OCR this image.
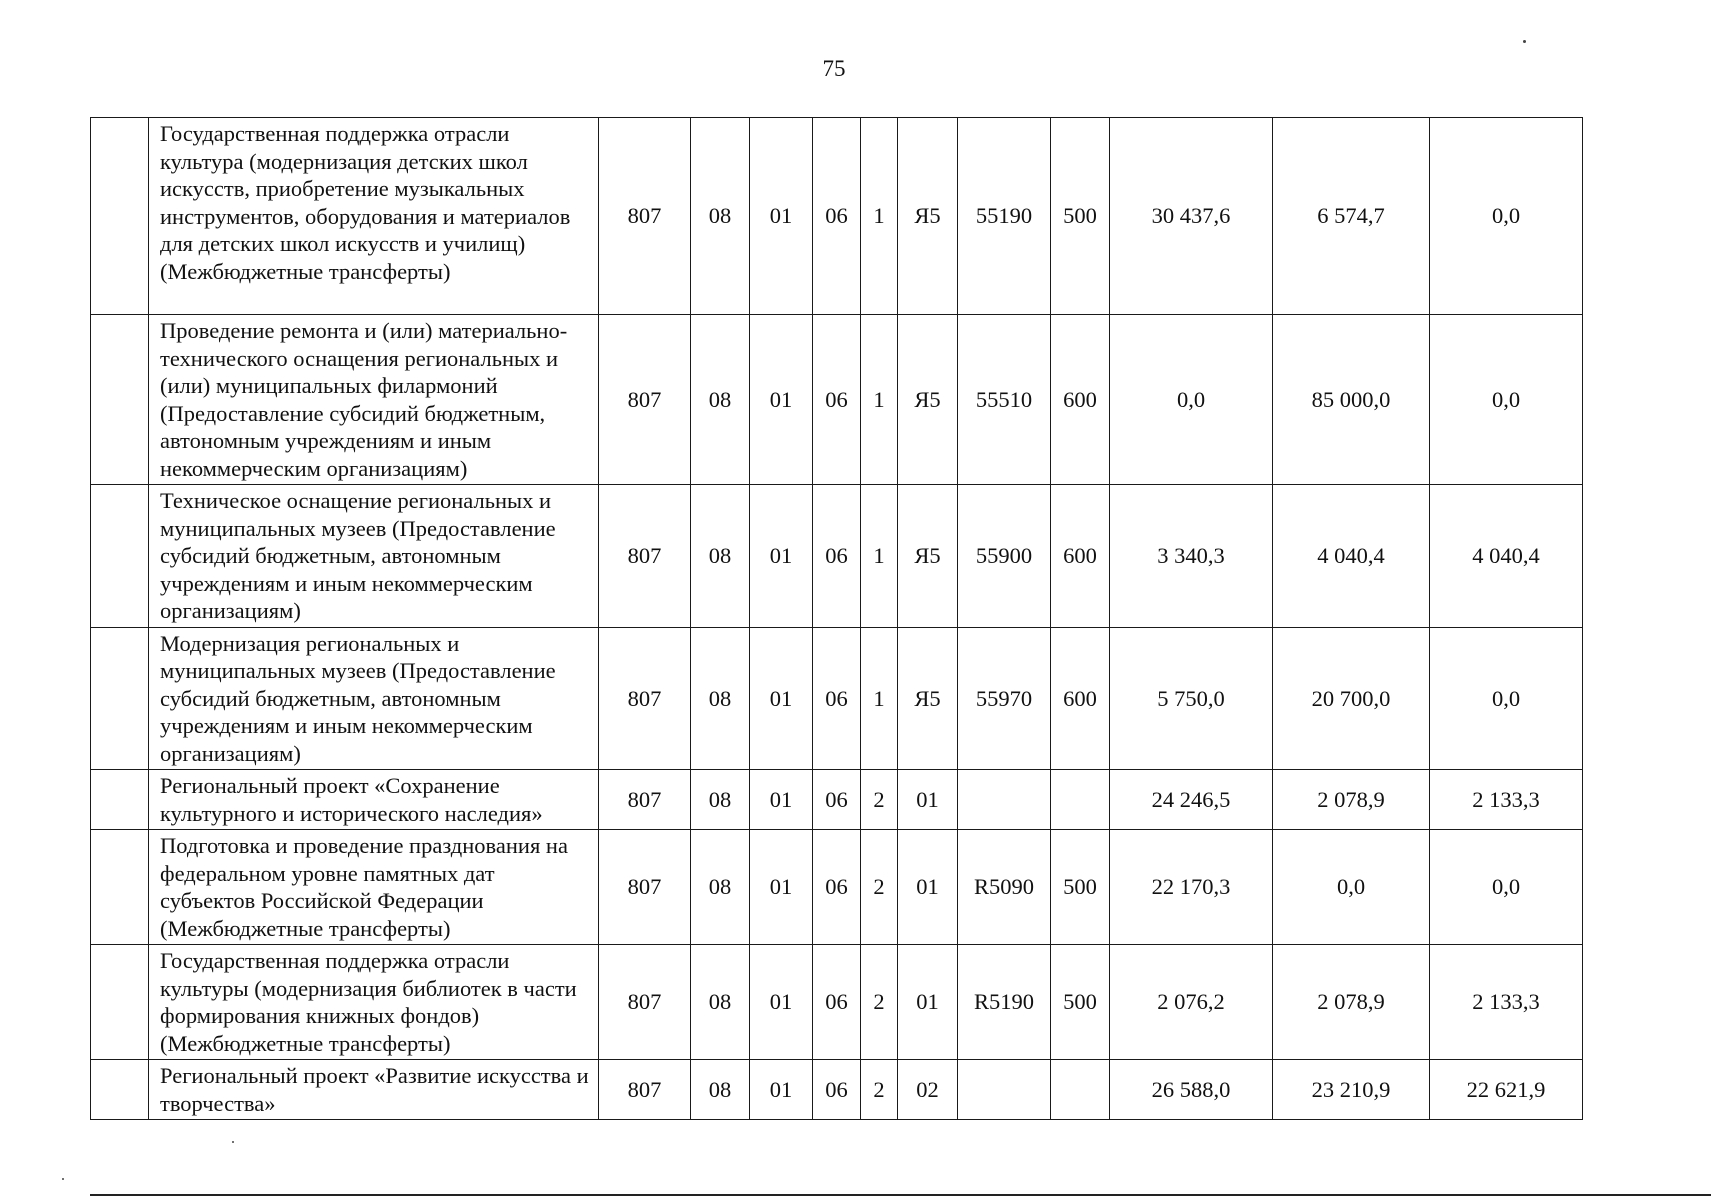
75
	Государственная поддержка отрасли культура (модернизация детских школ искусств, приобретение музыкальных инструментов, оборудования и материалов для детских школ искусств и училищ) (Межбюджетные трансферты)	807	08	01	06	1	Я5	55190	500	30 437,6	6 574,7	0,0
	Проведение ремонта и (или) материально-технического оснащения региональных и (или) муниципальных филармоний (Предоставление субсидий бюджетным, автономным учреждениям и иным некоммерческим организациям)	807	08	01	06	1	Я5	55510	600	0,0	85 000,0	0,0
	Техническое оснащение региональных и муниципальных музеев (Предоставление субсидий бюджетным, автономным учреждениям и иным некоммерческим организациям)	807	08	01	06	1	Я5	55900	600	3 340,3	4 040,4	4 040,4
	Модернизация региональных и муниципальных музеев (Предоставление субсидий бюджетным, автономным учреждениям и иным некоммерческим организациям)	807	08	01	06	1	Я5	55970	600	5 750,0	20 700,0	0,0
	Региональный проект «Сохранение культурного и исторического наследия»	807	08	01	06	2	01			24 246,5	2 078,9	2 133,3
	Подготовка и проведение празднования на федеральном уровне памятных дат субъектов Российской Федерации (Межбюджетные трансферты)	807	08	01	06	2	01	R5090	500	22 170,3	0,0	0,0
	Государственная поддержка отрасли культуры (модернизация библиотек в части формирования книжных фондов) (Межбюджетные трансферты)	807	08	01	06	2	01	R5190	500	2 076,2	2 078,9	2 133,3
	Региональный проект «Развитие искусства и творчества»	807	08	01	06	2	02			26 588,0	23 210,9	22 621,9
